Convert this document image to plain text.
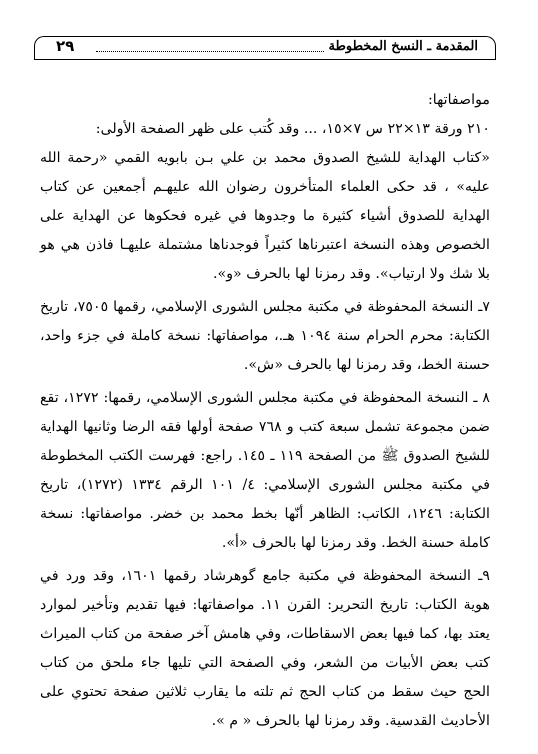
المقدمة ـ النسخ المخطوطة
٢٩

مواصفاتها:

٢١٠ ورقة ١٣×٢٢ س ٧×١٥، ... وقد كُتب على ظهر الصفحة الأولى:

«كتاب الهداية للشيخ الصدوق محمد بن علي بـن بابويه القمي «رحمة الله عليه» ، قد حكى العلماء المتأخرون رضوان الله عليهـم أجمعين عن كتاب الهداية للصدوق أشياء كثيرة ما وجدوها في غيره فحكوها عن الهداية على الخصوص وهذه النسخة اعتبرناها كثيراً فوجدناها مشتملة عليهـا فاذن هي هو بلا شك ولا ارتياب». وقد رمزنا لها بالحرف «و».

٧ـ النسخة المحفوظة في مكتبة مجلس الشورى الإسلامي، رقمها ٧٥٠٥، تاريخ الكتابة: محرم الحرام سنة ١٠٩٤ هـ.، مواصفاتها: نسخة كاملة في جزء واحد، حسنة الخط، وقد رمزنا لها بالحرف «ش».

٨ ـ النسخة المحفوظة في مكتبة مجلس الشورى الإسلامي، رقمها: ١٢٧٢، تقع ضمن مجموعة تشمل سبعة كتب و ٧٦٨ صفحة أولها فقه الرضا وثانيها الهداية للشيخ الصدوق ﷺ من الصفحة ١١٩ ـ ١٤٥. راجع: فهرست الكتب المخطوطة في مكتبة مجلس الشورى الإسلامي: ٤/ ١٠١ الرقم ١٣٣٤ (١٢٧٢)، تاريخ الكتابة: ١٢٤٦، الكاتب: الظاهر أنّها بخط محمد بن خضر. مواصفاتها: نسخة كاملة حسنة الخط. وقد رمزنا لها بالحرف «أ».

٩ـ النسخة المحفوظة في مكتبة جامع گوهرشاد رقمها ١٦٠١، وقد ورد في هوية الكتاب: تاريخ التحرير: القرن ١١. مواصفاتها: فيها تقديم وتأخير لموارد يعتد بها، كما فيها بعض الاسقاطات، وفي هامش آخر صفحة من كتاب الميراث كتب بعض الأبيات من الشعر، وفي الصفحة التي تليها جاء ملحق من كتاب الحج حيث سقط من كتاب الحج ثم تلته ما يقارب ثلاثين صفحة تحتوي على الأحاديث القدسية. وقد رمزنا لها بالحرف « م ».
